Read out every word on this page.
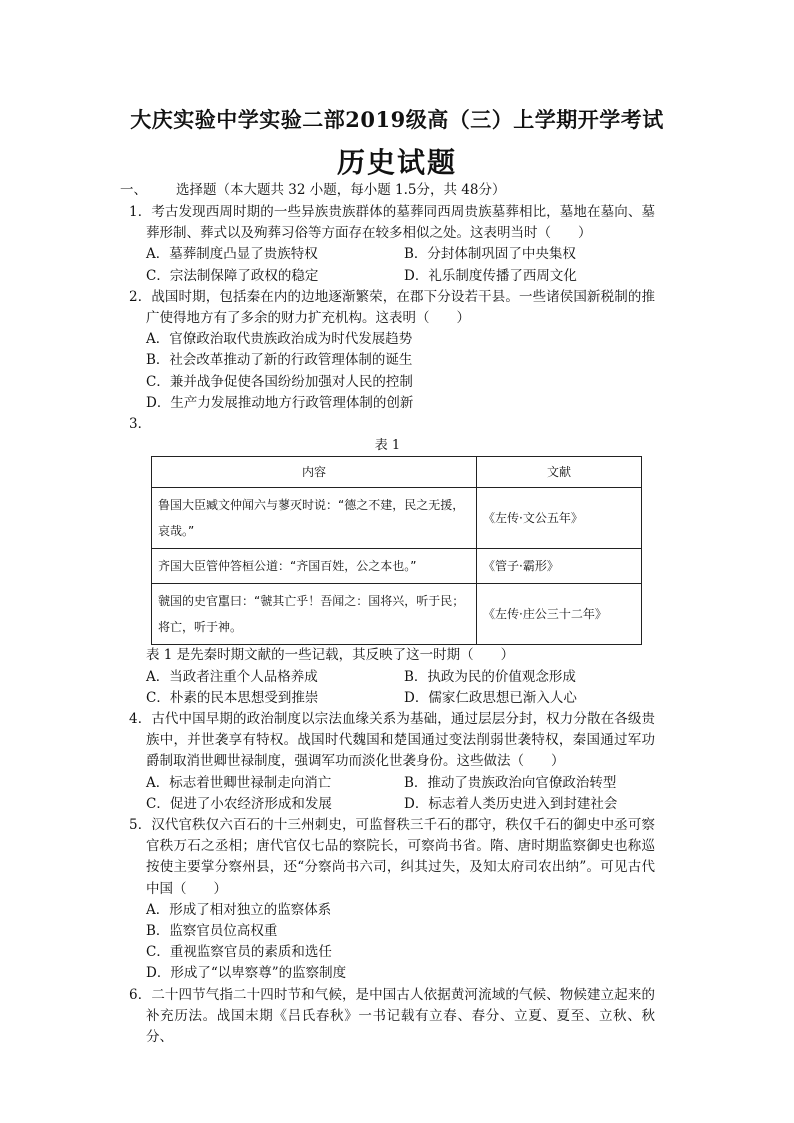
大庆实验中学实验二部2019级高（三）上学期开学考试
历史试题
一、 选择题（本大题共 32 小题，每小题 1.5分，共 48分）

1．考古发现西周时期的一些异族贵族群体的墓葬同西周贵族墓葬相比，墓地在墓向、墓葬形制、葬式以及殉葬习俗等方面存在较多相似之处。这表明当时（　　）

A．墓葬制度凸显了贵族特权	B．分封体制巩固了中央集权
C．宗法制保障了政权的稳定	D．礼乐制度传播了西周文化

2．战国时期，包括秦在内的边地逐渐繁荣，在郡下分设若干县。一些诸侯国新税制的推广使得地方有了多余的财力扩充机构。这表明（　　）

A．官僚政治取代贵族政治成为时代发展趋势
B．社会改革推动了新的行政管理体制的诞生
C．兼并战争促使各国纷纷加强对人民的控制
D．生产力发展推动地方行政管理体制的创新

3．

表 1

内容	文献
鲁国大臣臧文仲闻六与蓼灭时说：“德之不建，民之无援，哀哉。”	《左传·文公五年》
齐国大臣管仲答桓公道：“齐国百姓，公之本也。”	《管子·霸形》
虢国的史官嚚曰：“虢其亡乎！吾闻之：国将兴，听于民；将亡，听于神。	《左传·庄公三十二年》

表 1 是先秦时期文献的一些记载，其反映了这一时期（　　）

A．当政者注重个人品格养成	B．执政为民的价值观念形成
C．朴素的民本思想受到推崇	D．儒家仁政思想已渐入人心

4．古代中国早期的政治制度以宗法血缘关系为基础，通过层层分封，权力分散在各级贵族中，并世袭享有特权。战国时代魏国和楚国通过变法削弱世袭特权，秦国通过军功爵制取消世卿世禄制度，强调军功而淡化世袭身份。这些做法（　　）

A．标志着世卿世禄制走向消亡	B．推动了贵族政治向官僚政治转型
C．促进了小农经济形成和发展	D．标志着人类历史进入到封建社会

5．汉代官秩仅六百石的十三州刺史，可监督秩三千石的郡守，秩仅千石的御史中丞可察官秩万石之丞相；唐代官仅七品的察院长，可察尚书省。隋、唐时期监察御史也称巡按使主要掌分察州县，还“分察尚书六司，纠其过失，及知太府司农出纳”。可见古代中国（　　）

A．形成了相对独立的监察体系
B．监察官员位高权重
C．重视监察官员的素质和选任
D．形成了“以卑察尊”的监察制度

6．二十四节气指二十四时节和气候，是中国古人依据黄河流域的气候、物候建立起来的补充历法。战国末期《吕氏春秋》一书记载有立春、春分、立夏、夏至、立秋、秋分、
